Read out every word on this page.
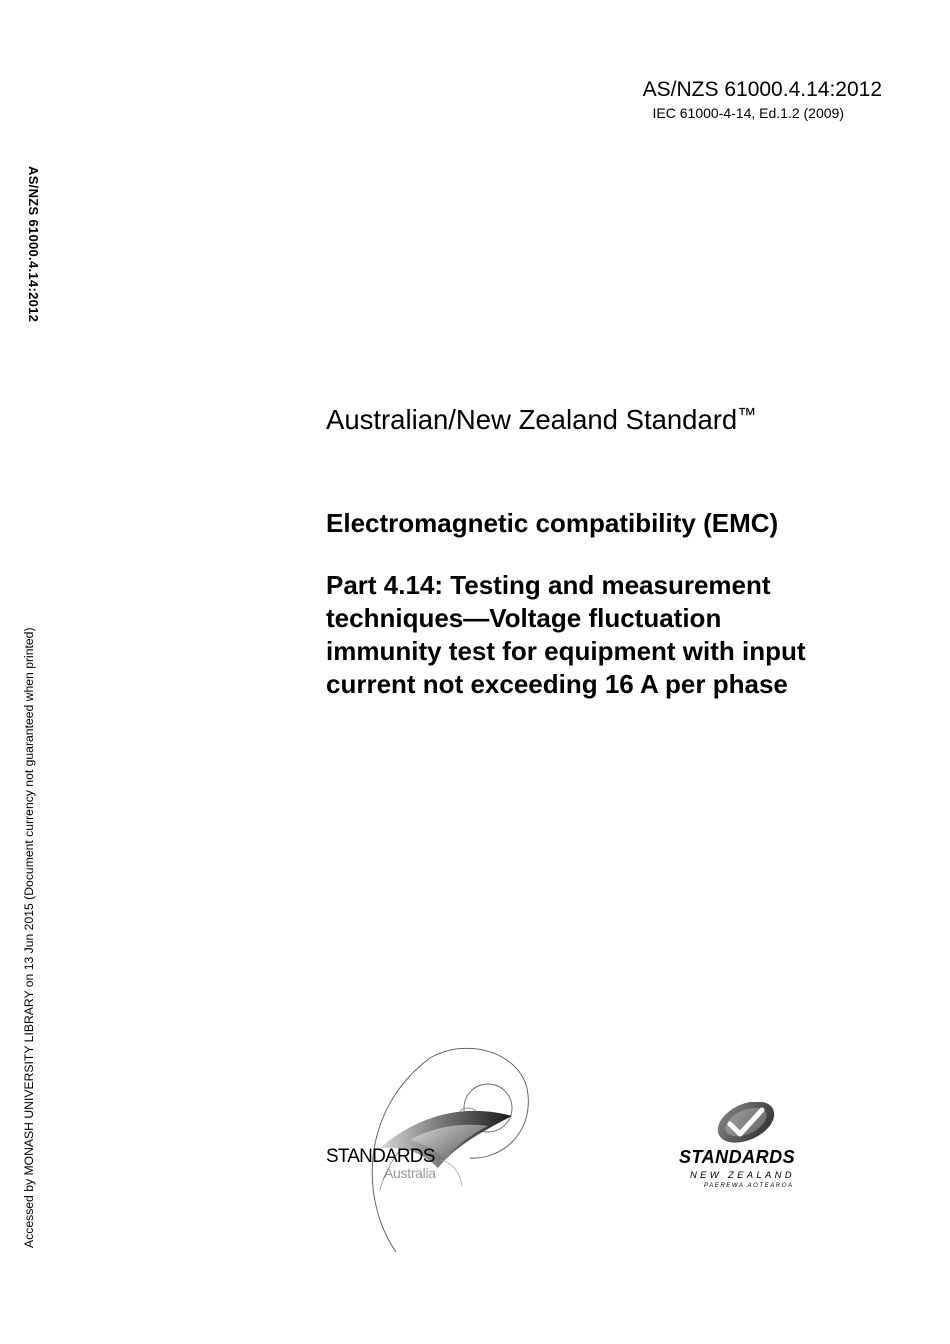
AS/NZS 61000.4.14:2012
IEC 61000-4-14, Ed.1.2 (2009)
AS/NZS 61000.4.14:2012
Accessed by MONASH UNIVERSITY LIBRARY on 13 Jun 2015 (Document currency not guaranteed when printed)
Australian/New Zealand Standard™
Electromagnetic compatibility (EMC)
Part 4.14: Testing and measurement
techniques—Voltage fluctuation
immunity test for equipment with input
current not exceeding 16 A per phase
STANDARDS
Australia
STANDARDS
NEW ZEALAND
PAEREWA AOTEAROA
